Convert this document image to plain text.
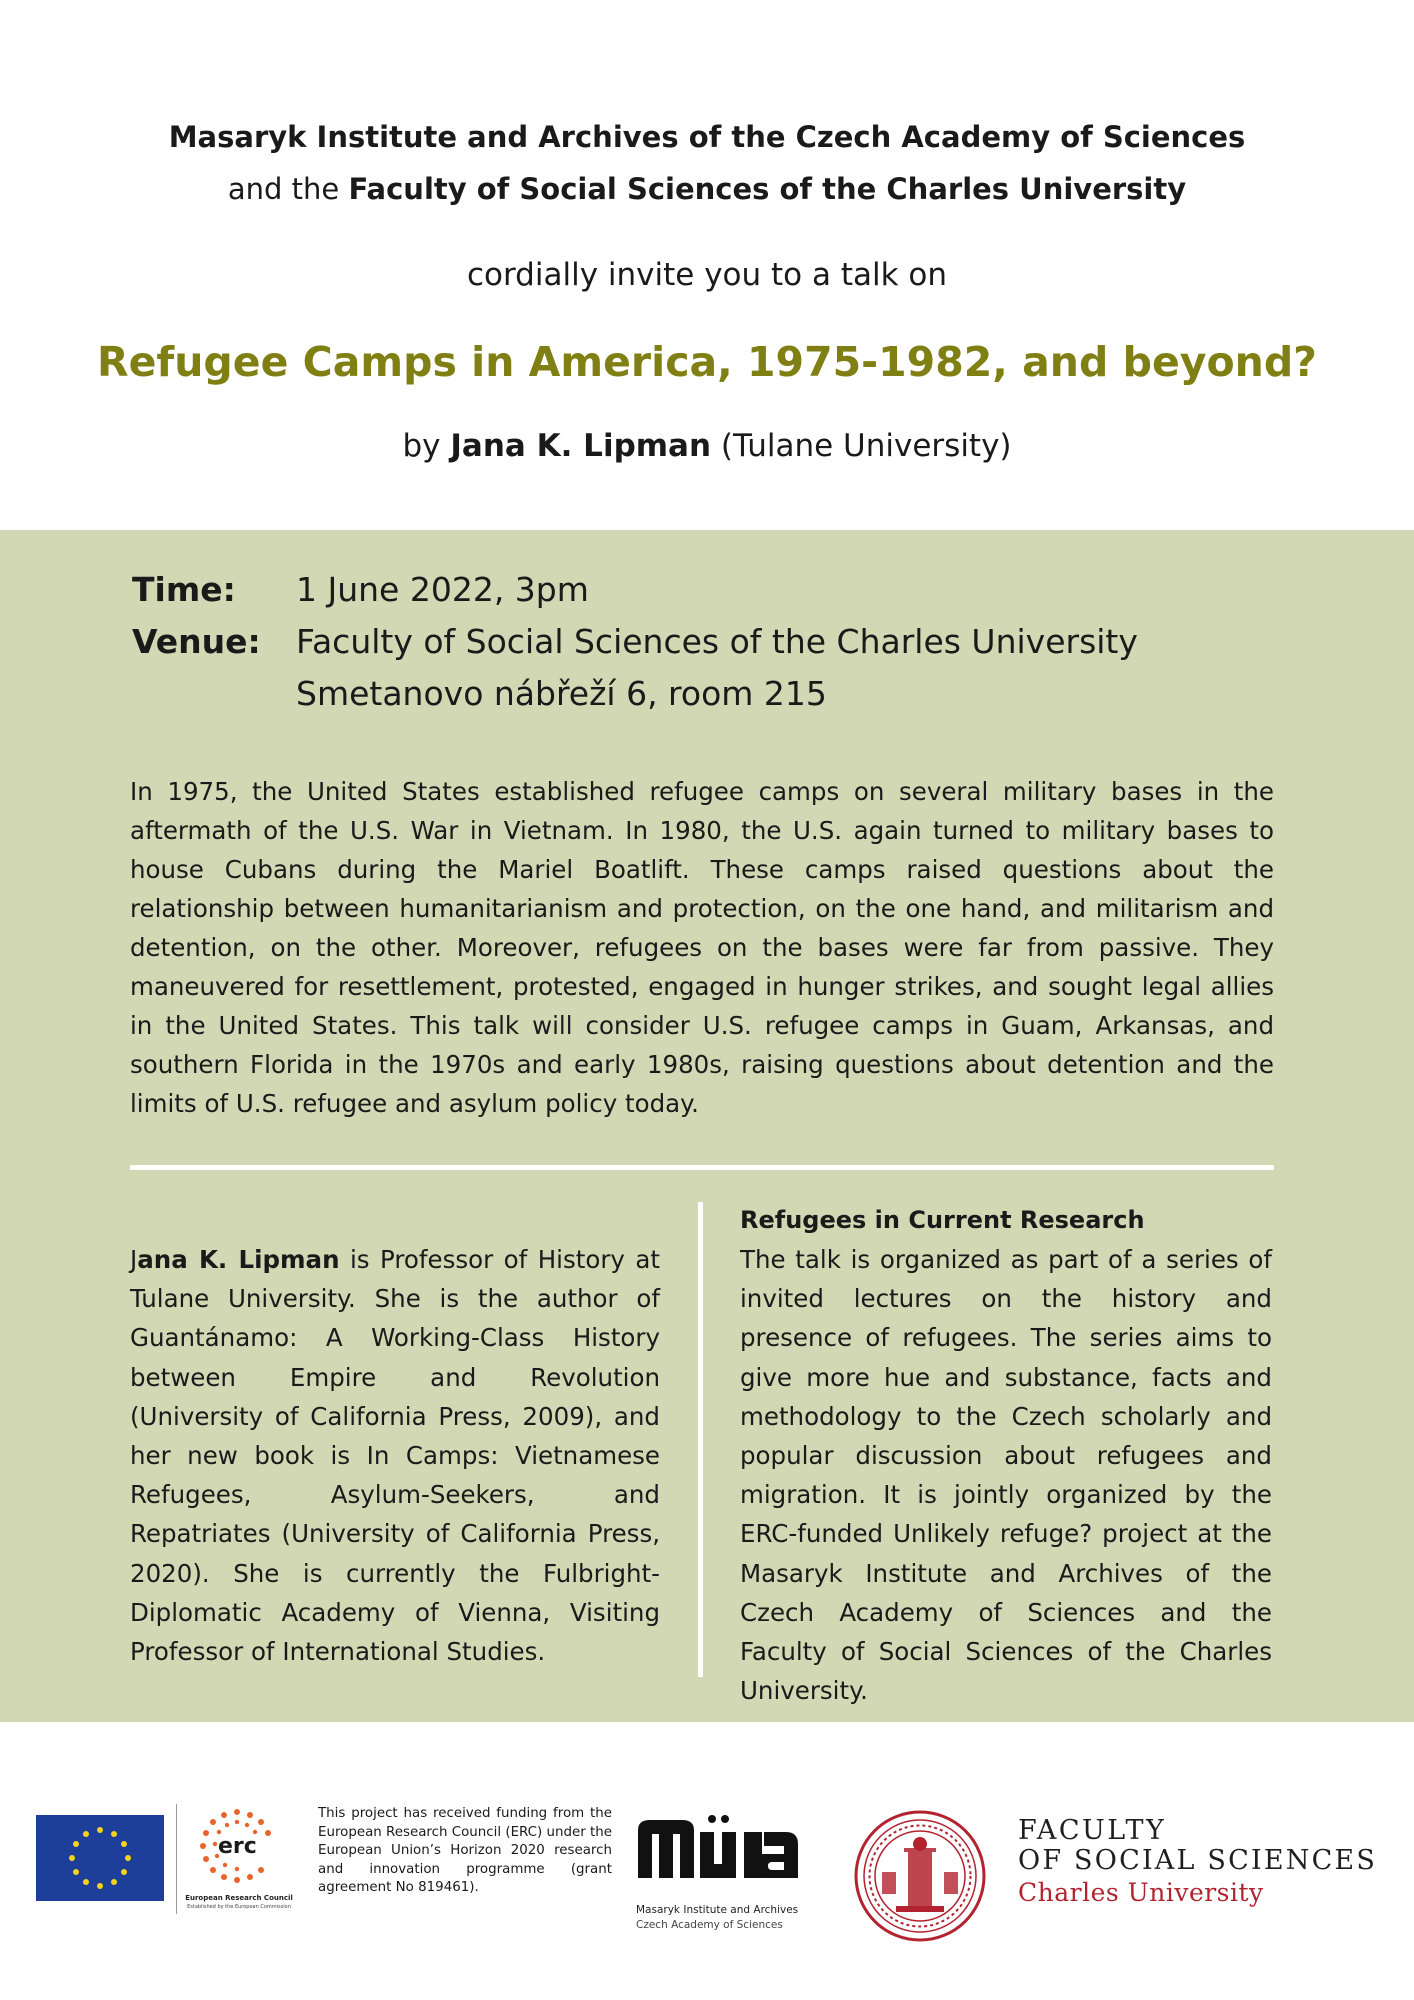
Masaryk Institute and Archives of the Czech Academy of Sciences
and the Faculty of Social Sciences of the Charles University
cordially invite you to a talk on
Refugee Camps in America, 1975-1982, and beyond?
by Jana K. Lipman (Tulane University)
Time: 1 June 2022, 3pm
Venue: Faculty of Social Sciences of the Charles University
Smetanovo nábřeží 6, room 215

In 1975, the United States established refugee camps on several military bases in the aftermath of the U.S. War in Vietnam. In 1980, the U.S. again turned to military bases to house Cubans during the Mariel Boatlift. These camps raised questions about the relationship between humanitarianism and protection, on the one hand, and militarism and detention, on the other. Moreover, refugees on the bases were far from passive. They maneuvered for resettlement, protested, engaged in hunger strikes, and sought legal allies in the United States. This talk will consider U.S. refugee camps in Guam, Arkansas, and southern Florida in the 1970s and early 1980s, raising questions about detention and the limits of U.S. refugee and asylum policy today.

Jana K. Lipman is Professor of History at Tulane University. She is the author of Guantánamo: A Working-Class History between Empire and Revolution (University of California Press, 2009), and her new book is In Camps: Vietnamese Refugees, Asylum-Seekers, and Repatriates (University of California Press, 2020). She is currently the Fulbright-Diplomatic Academy of Vienna, Visiting Professor of International Studies.
Refugees in Current Research
The talk is organized as part of a series of invited lectures on the history and presence of refugees. The series aims to give more hue and substance, facts and methodology to the Czech scholarly and popular discussion about refugees and migration. It is jointly organized by the ERC-funded Unlikely refuge? project at the Masaryk Institute and Archives of the Czech Academy of Sciences and the Faculty of Social Sciences of the Charles University.
erc
European Research Council
Established by the European Commission
This project has received funding from the European Research Council (ERC) under the European Union’s Horizon 2020 research and innovation programme (grant agreement No 819461).
Masaryk Institute and Archives
Czech Academy of Sciences
FACULTY
OF SOCIAL SCIENCES
Charles University
